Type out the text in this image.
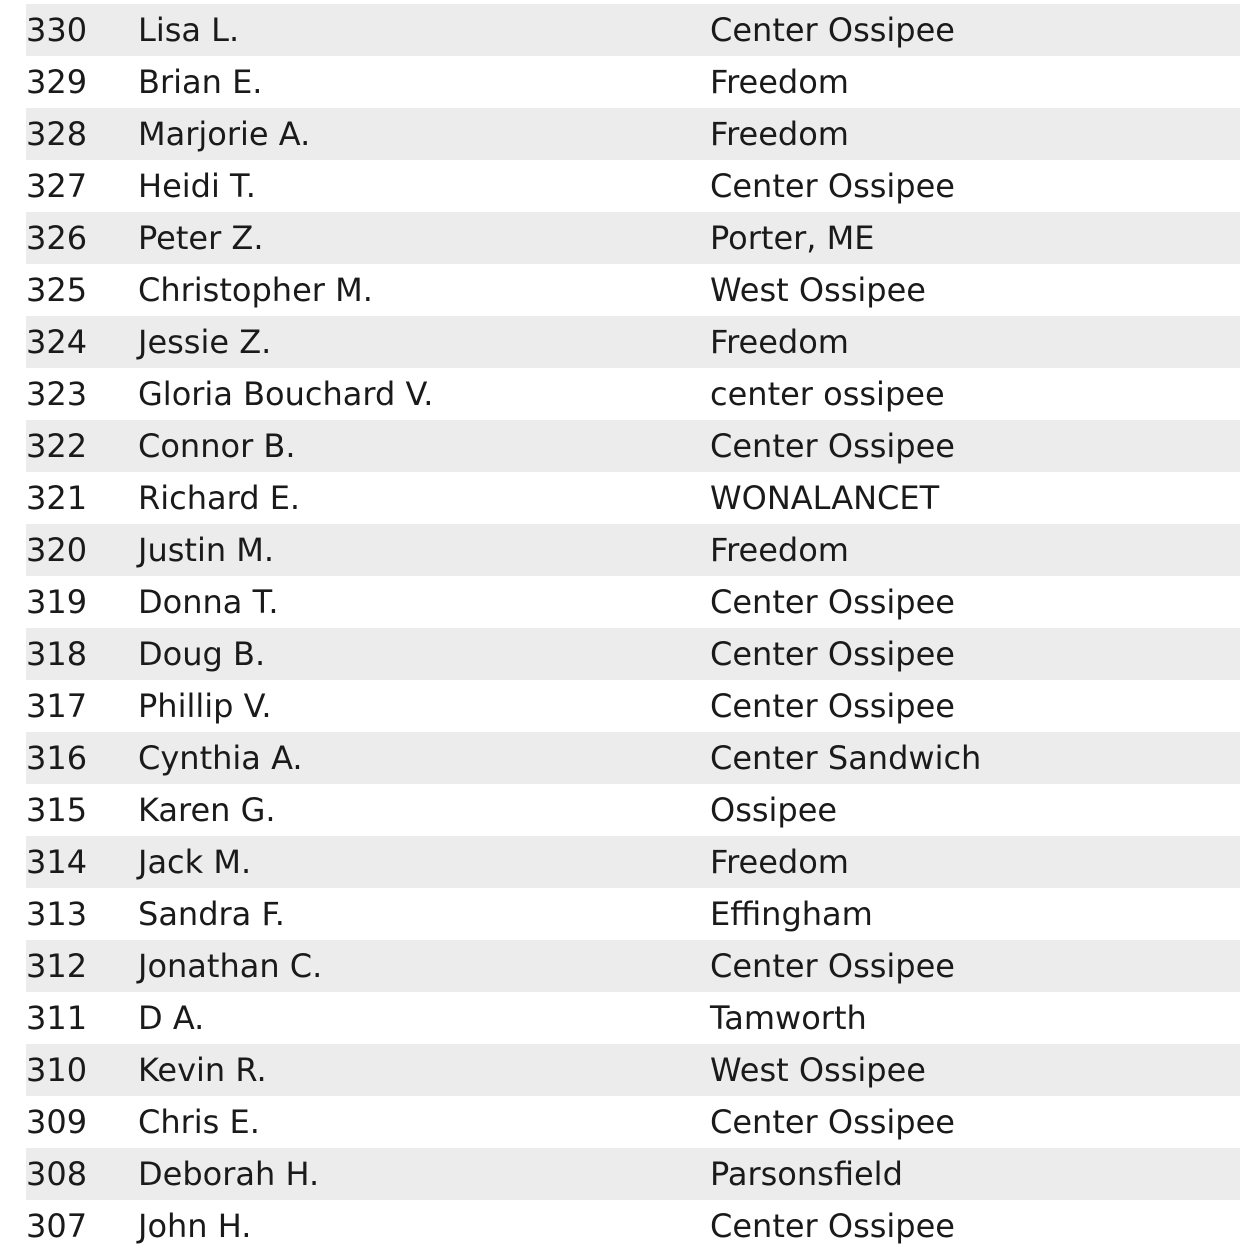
330 Lisa L.	Center Ossipee
329 Brian E.	Freedom
328 Marjorie A.	Freedom
327 Heidi T.	Center Ossipee
326 Peter Z.	Porter, ME
325 Christopher M.	West Ossipee
324 Jessie Z.	Freedom
323 Gloria Bouchard V.	center ossipee
322 Connor B.	Center Ossipee
321 Richard E.	WONALANCET
320 Justin M.	Freedom
319 Donna T.	Center Ossipee
318 Doug B.	Center Ossipee
317 Phillip V.	Center Ossipee
316 Cynthia A.	Center Sandwich
315 Karen G.	Ossipee
314 Jack M.	Freedom
313 Sandra F.	Effingham
312 Jonathan C.	Center Ossipee
311 D A.	Tamworth
310 Kevin R.	West Ossipee
309 Chris E.	Center Ossipee
308 Deborah H.	Parsonsfield
307 John H.	Center Ossipee
